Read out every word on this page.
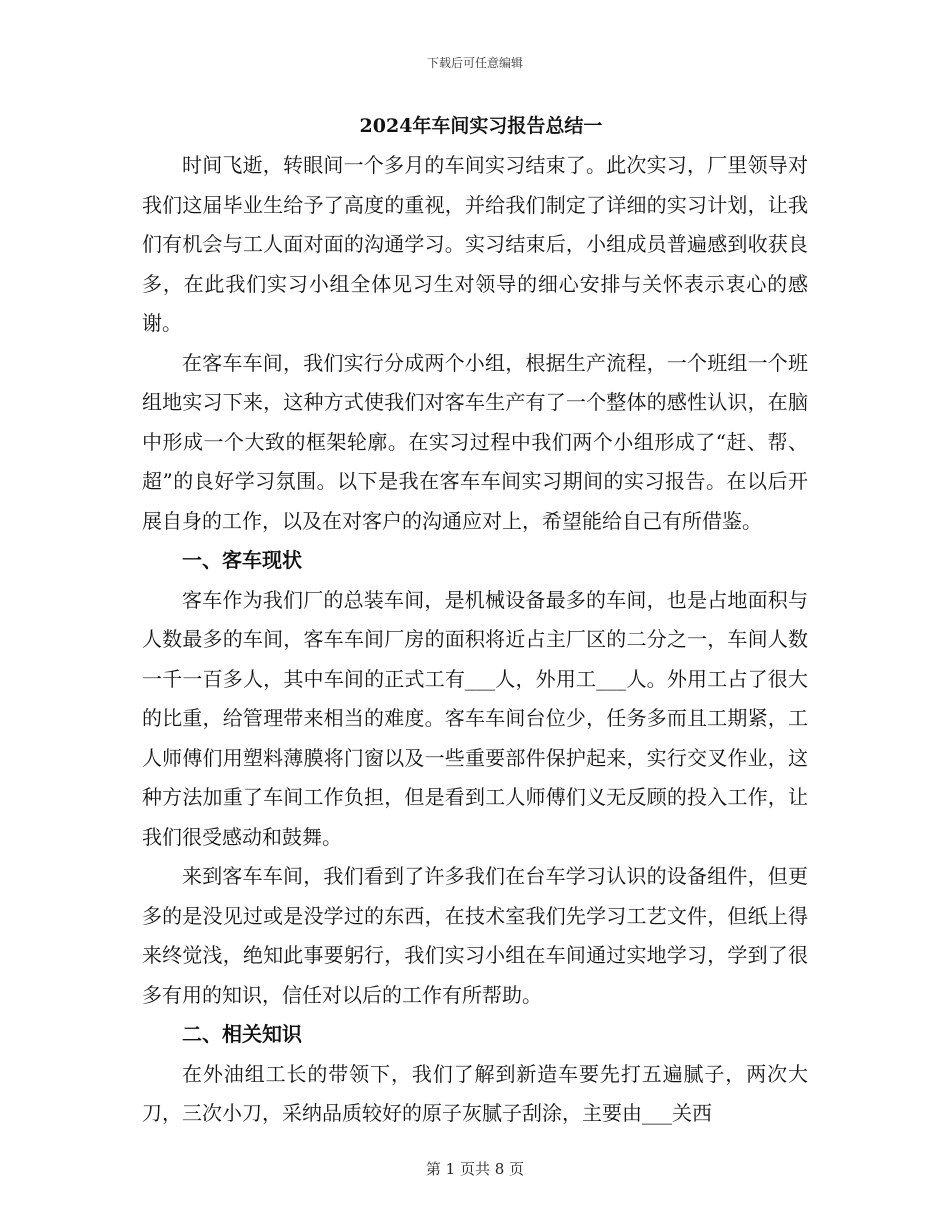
下载后可任意编辑
2024年车间实习报告总结一

时间飞逝，转眼间一个多月的车间实习结束了。此次实习，厂里领导对我们这届毕业生给予了高度的重视，并给我们制定了详细的实习计划，让我们有机会与工人面对面的沟通学习。实习结束后，小组成员普遍感到收获良多，在此我们实习小组全体见习生对领导的细心安排与关怀表示衷心的感谢。

在客车车间，我们实行分成两个小组，根据生产流程，一个班组一个班组地实习下来，这种方式使我们对客车生产有了一个整体的感性认识，在脑中形成一个大致的框架轮廓。在实习过程中我们两个小组形成了“赶、帮、超”的良好学习氛围。以下是我在客车车间实习期间的实习报告。在以后开展自身的工作，以及在对客户的沟通应对上，希望能给自己有所借鉴。

一、客车现状

客车作为我们厂的总装车间，是机械设备最多的车间，也是占地面积与人数最多的车间，客车车间厂房的面积将近占主厂区的二分之一，车间人数一千一百多人，其中车间的正式工有___人，外用工___人。外用工占了很大的比重，给管理带来相当的难度。客车车间台位少，任务多而且工期紧，工人师傅们用塑料薄膜将门窗以及一些重要部件保护起来，实行交叉作业，这种方法加重了车间工作负担，但是看到工人师傅们义无反顾的投入工作，让我们很受感动和鼓舞。

来到客车车间，我们看到了许多我们在台车学习认识的设备组件，但更多的是没见过或是没学过的东西，在技术室我们先学习工艺文件，但纸上得来终觉浅，绝知此事要躬行，我们实习小组在车间通过实地学习，学到了很多有用的知识，信任对以后的工作有所帮助。

二、相关知识

在外油组工长的带领下，我们了解到新造车要先打五遍腻子，两次大刀，三次小刀，采纳品质较好的原子灰腻子刮涂，主要由___关西

第 1 页共 8 页
